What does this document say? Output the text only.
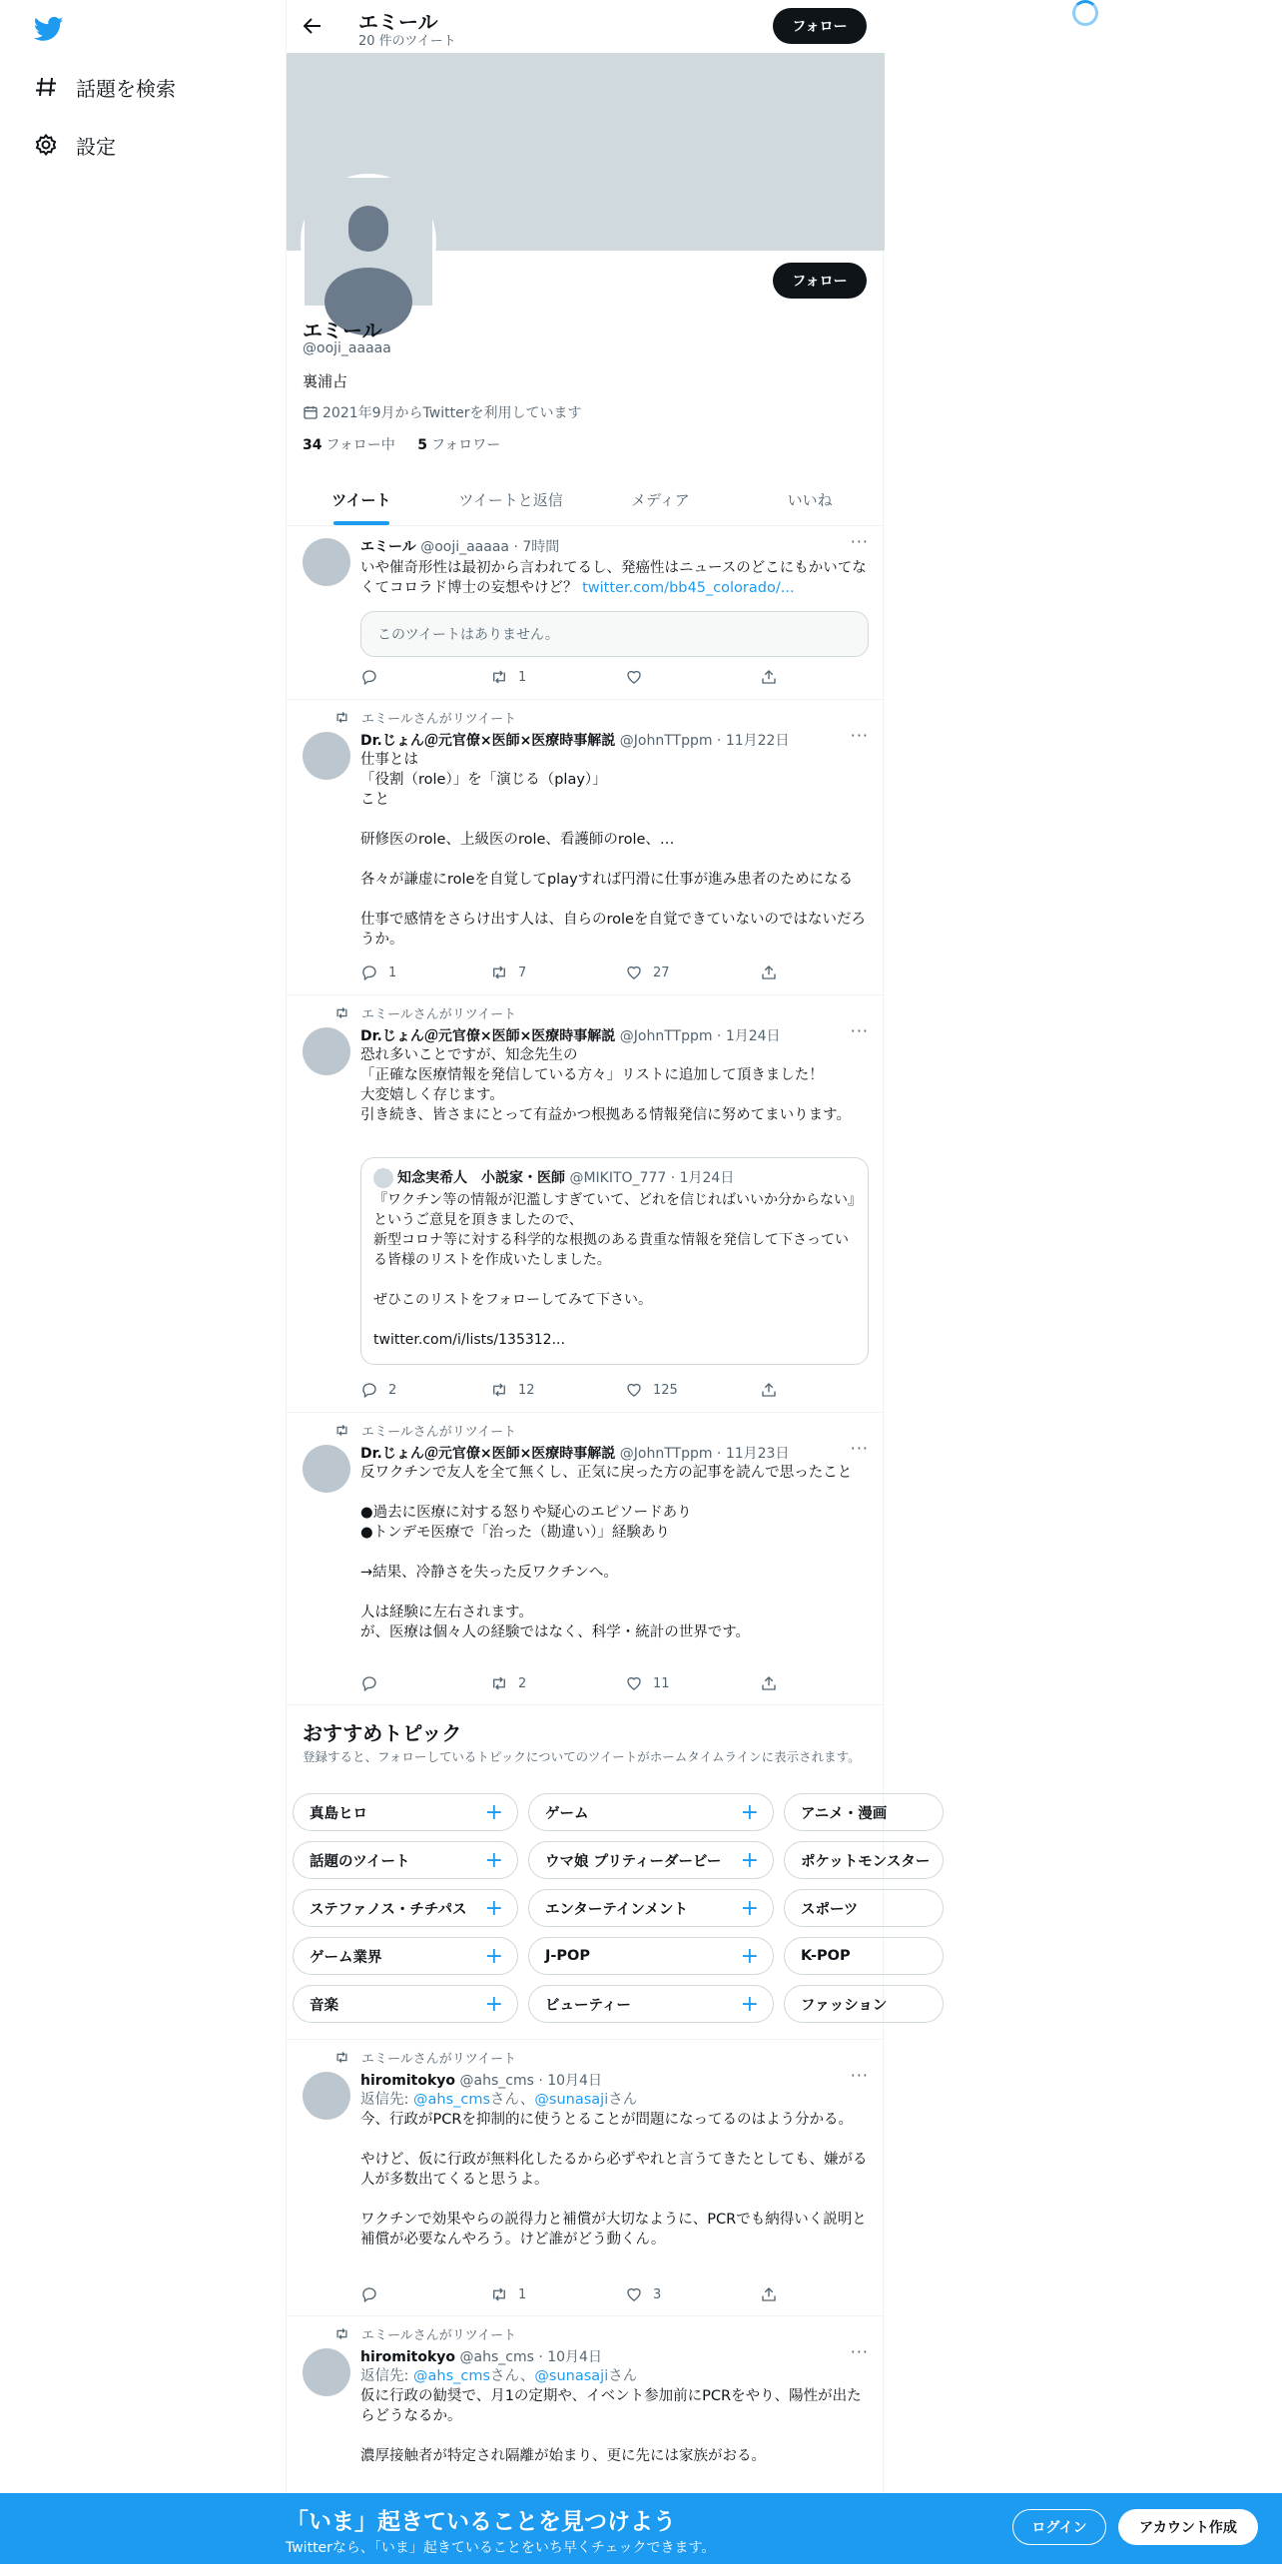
話題を検索
設定
エミール
20 件のツイート
フォロー
フォロー
エミール
@ooji_aaaaa
裏浦占
2021年9月からTwitterを利用しています
34 フォロー中 5 フォロワー
ツイート	ツイートと返信	メディア	いいね
エミール @ooji_aaaaa · 7時間	···
いや催奇形性は最初から言われてるし、発癌性はニュースのどこにもかいてなくてコロラド博士の妄想やけど？ twitter.com/bb45_colorado/...
このツイートはありません。
1
エミールさんがリツイート
Dr.じょん＠元官僚×医師×医療時事解説 @JohnTTppm · 11月22日	···
仕事とは
「役割（role）」を「演じる（play）」
こと

研修医のrole、上級医のrole、看護師のrole、…

各々が謙虚にroleを自覚してplayすれば円滑に仕事が進み患者のためになる

仕事で感情をさらけ出す人は、自らのroleを自覚できていないのではないだろうか。
1	7	27
エミールさんがリツイート
Dr.じょん＠元官僚×医師×医療時事解説 @JohnTTppm · 1月24日	···
恐れ多いことですが、知念先生の
「正確な医療情報を発信している方々」リストに追加して頂きました！
大変嬉しく存じます。
引き続き、皆さまにとって有益かつ根拠ある情報発信に努めてまいります。
知念実希人　小説家・医師 @MIKITO_777 · 1月24日
『ワクチン等の情報が氾濫しすぎていて、どれを信じればいいか分からない』というご意見を頂きましたので、
新型コロナ等に対する科学的な根拠のある貴重な情報を発信して下さっている皆様のリストを作成いたしました。

ぜひこのリストをフォローしてみて下さい。

twitter.com/i/lists/135312...
2	12	125
エミールさんがリツイート
Dr.じょん＠元官僚×医師×医療時事解説 @JohnTTppm · 11月23日	···
反ワクチンで友人を全て無くし、正気に戻った方の記事を読んで思ったこと

●過去に医療に対する怒りや疑心のエピソードあり
●トンデモ医療で「治った（勘違い）」経験あり

→結果、冷静さを失った反ワクチンへ。

人は経験に左右されます。
が、医療は個々人の経験ではなく、科学・統計の世界です。
2	11
おすすめトピック
登録すると、フォローしているトピックについてのツイートがホームタイムラインに表示されます。
真島ヒロ	+	ゲーム	+	アニメ・漫画
話題のツイート	+	ウマ娘 プリティーダービー +	ポケットモンスター
ステファノス・チチパス +	エンターテインメント +	スポーツ
ゲーム業界	+	J-POP	+	K-POP
音楽	+	ビューティー	+	ファッション
エミールさんがリツイート
hiromitokyo @ahs_cms · 10月4日	···
返信先: @ahs_cmsさん、@sunasajiさん
今、行政がPCRを抑制的に使うとることが問題になってるのはよう分かる。

やけど、仮に行政が無料化したるから必ずやれと言うてきたとしても、嫌がる人が多数出てくると思うよ。

ワクチンで効果やらの説得力と補償が大切なように、PCRでも納得いく説明と補償が必要なんやろう。けど誰がどう動くん。
1	3
エミールさんがリツイート
hiromitokyo @ahs_cms · 10月4日	···
返信先: @ahs_cmsさん、@sunasajiさん
仮に行政の勧奨で、月1の定期や、イベント参加前にPCRをやり、陽性が出たらどうなるか。

濃厚接触者が特定され隔離が始まり、更に先には家族がおる。
「いま」起きていることを見つけよう
Twitterなら、「いま」起きていることをいち早くチェックできます。
ログイン	アカウント作成
